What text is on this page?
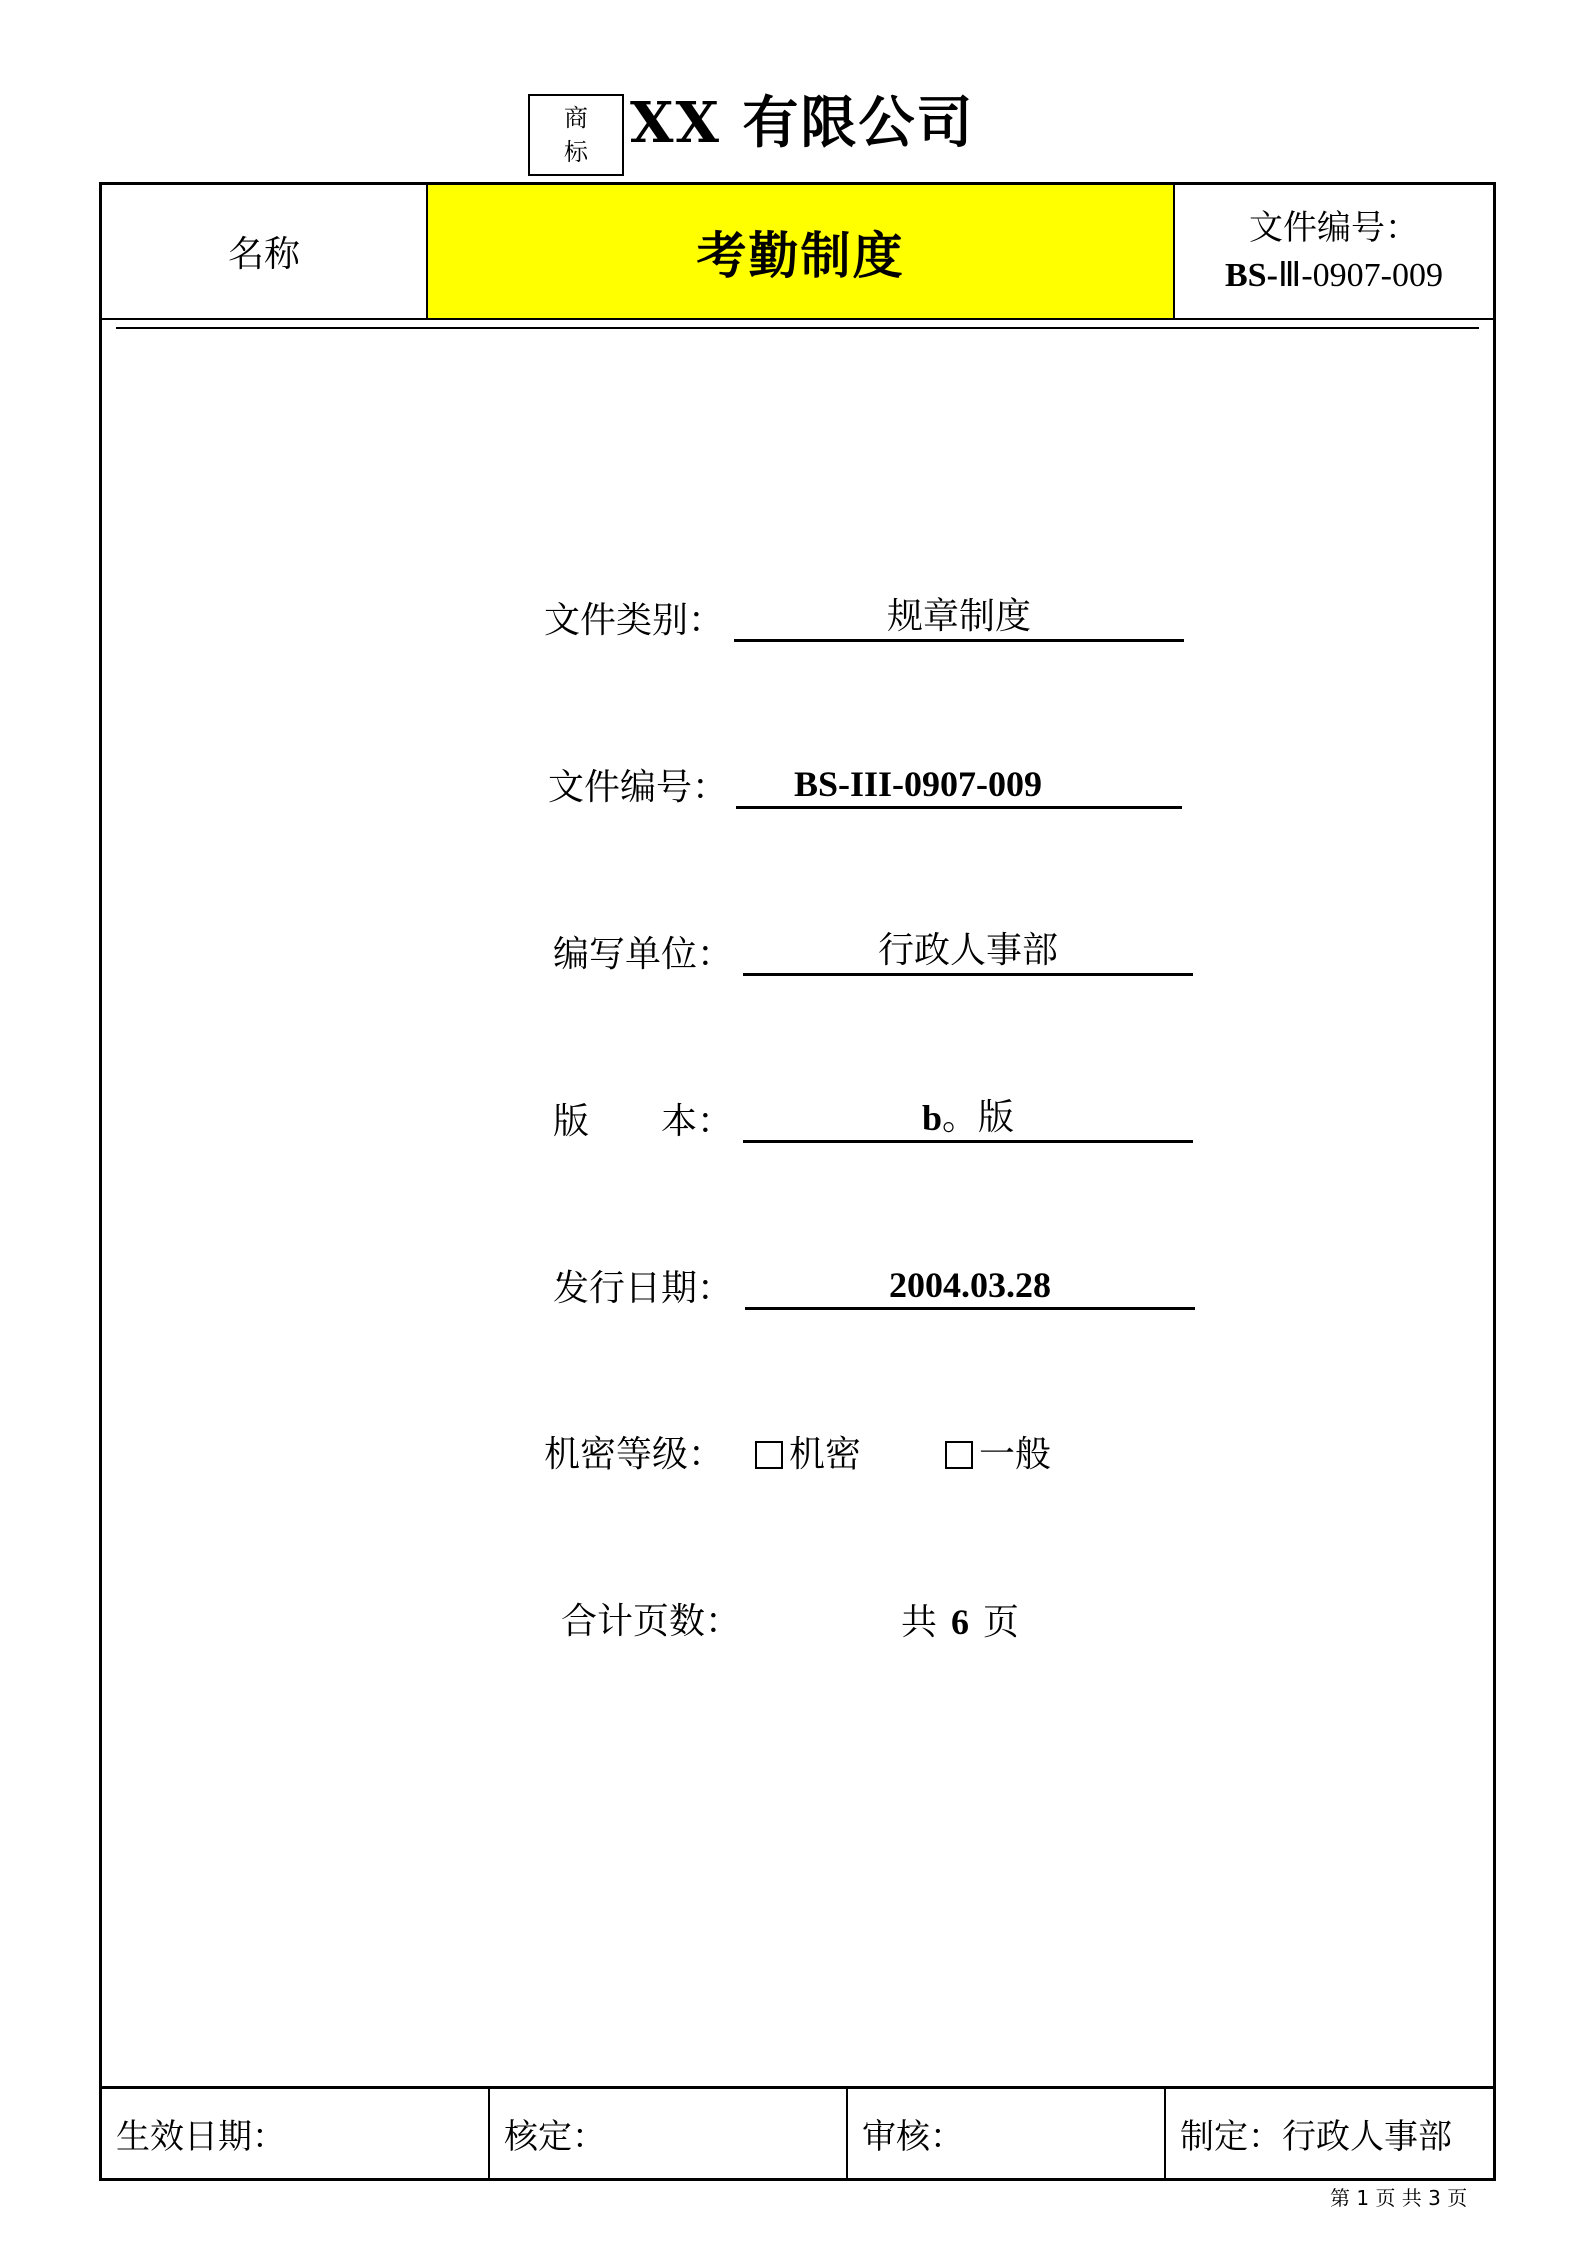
商
标 XX 有限公司
名称	考勤制度	文件编号：
BS-Ⅲ-0907-009
文件类别：	规章制度
文件编号： BS-III-0907-009
编写单位：	行政人事部
版　　本：	b 。版
发行日期：	2004.03.28
机密等级： 机密	一般
合计页数：	共 6 页
生效日期：	核定：	审核：	制定：行政人事部
第 1 页 共 3 页
